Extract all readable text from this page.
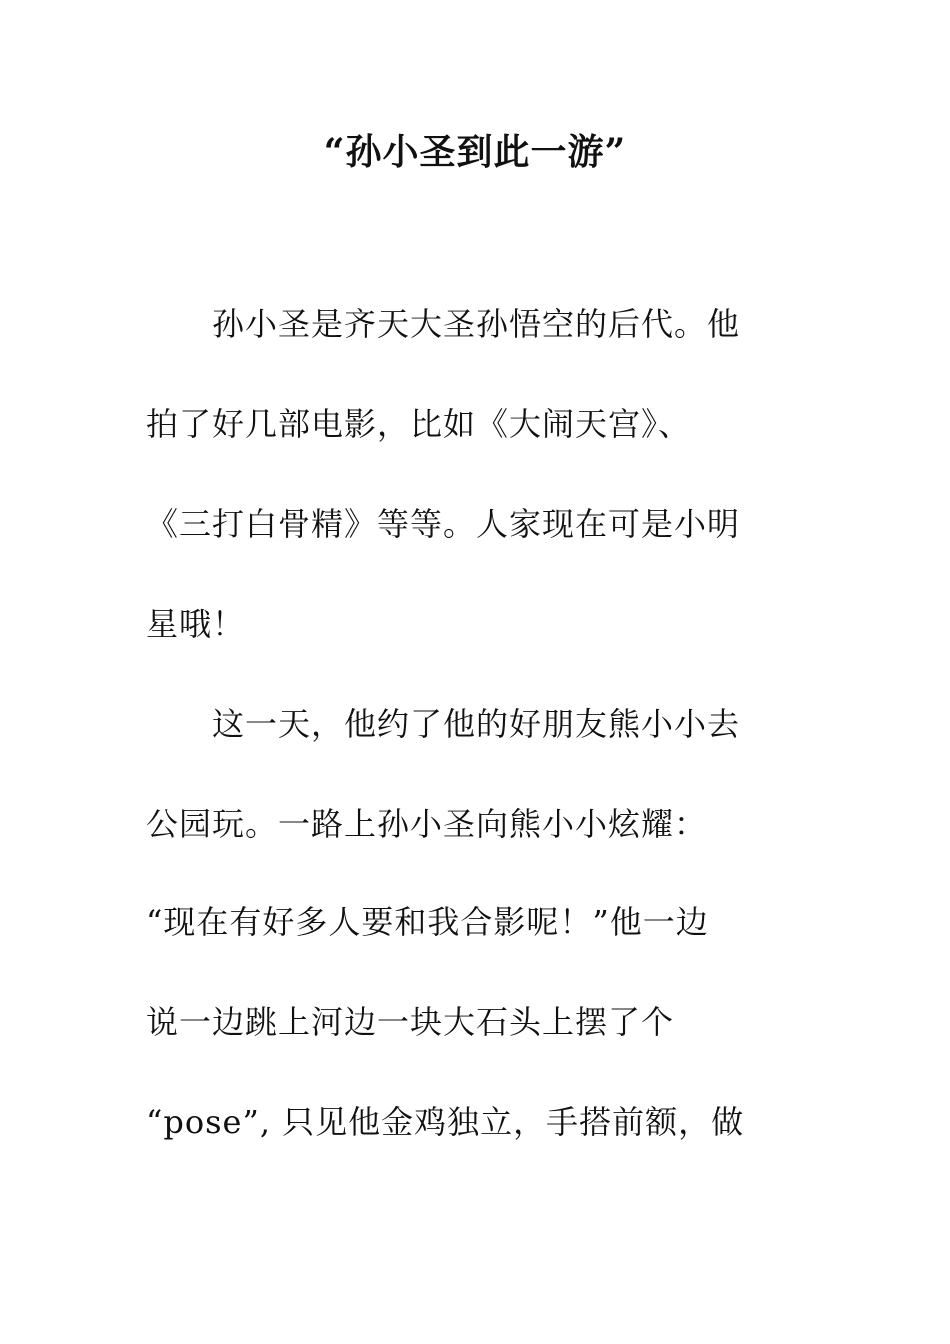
“孙小圣到此一游”
　　孙小圣是齐天大圣孙悟空的后代。他
拍了好几部电影，比如《大闹天宫》、
《三打白骨精》等等。人家现在可是小明
星哦！
　　这一天，他约了他的好朋友熊小小去
公园玩。一路上孙小圣向熊小小炫耀：
“现在有好多人要和我合影呢！”他一边
说一边跳上河边一块大石头上摆了个
“pose”, 只见他金鸡独立，手搭前额，做
